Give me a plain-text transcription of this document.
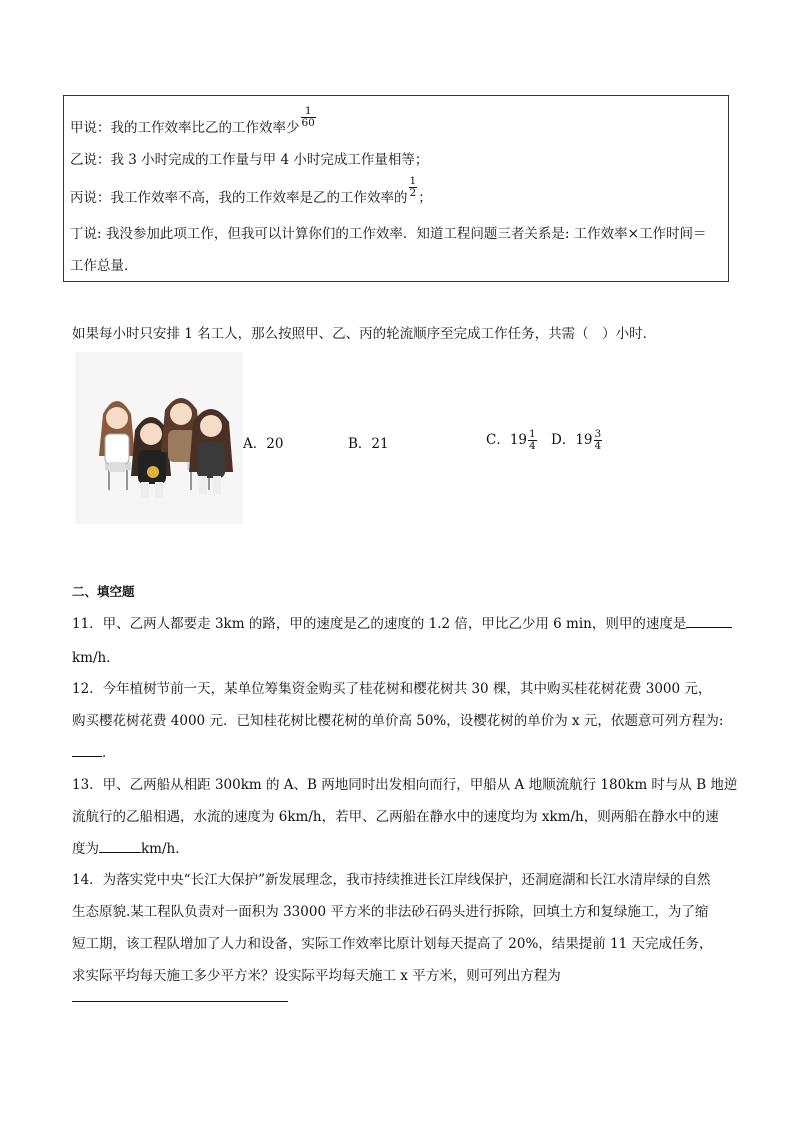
甲说：我的工作效率比乙的工作效率少 $\frac{1}{60}$
乙说：我 3 小时完成的工作量与甲 4 小时完成工作量相等；
丙说：我工作效率不高，我的工作效率是乙的工作效率的 $\frac{1}{2}$ ；
丁说: 我没参加此项工作，但我可以计算你们的工作效率．知道工程问题三者关系是: 工作效率×工作时间＝
工作总量．
如果每小时只安排 1 名工人，那么按照甲、乙、丙的轮流顺序至完成工作任务，共需（　）小时．
A．20	B．21	C．$19 \frac{1}{4}$ D．$19 \frac{3}{4}$
二、填空题
11．甲、乙两人都要走 3km 的路，甲的速度是乙的速度的 1.2 倍，甲比乙少用 6 min，则甲的速度是
km/h．
12．今年植树节前一天，某单位筹集资金购买了桂花树和樱花树共 30 棵，其中购买桂花树花费 3000 元，
购买樱花树花费 4000 元．已知桂花树比樱花树的单价高 50%，设樱花树的单价为 x 元，依题意可列方程为:
．
13．甲、乙两船从相距 300km 的 A、B 两地同时出发相向而行，甲船从 A 地顺流航行 180km 时与从 B 地逆
流航行的乙船相遇，水流的速度为 6km/h，若甲、乙两船在静水中的速度均为 xkm/h，则两船在静水中的速
度为	km/h．
14．为落实党中央“长江大保护”新发展理念，我市持续推进长江岸线保护，还洞庭湖和长江水清岸绿的自然
生态原貌.某工程队负责对一面积为 33000 平方米的非法砂石码头进行拆除，回填土方和复绿施工，为了缩
短工期，该工程队增加了人力和设备，实际工作效率比原计划每天提高了 20%，结果提前 11 天完成任务，
求实际平均每天施工多少平方米？设实际平均每天施工 x 平方米，则可列出方程为
